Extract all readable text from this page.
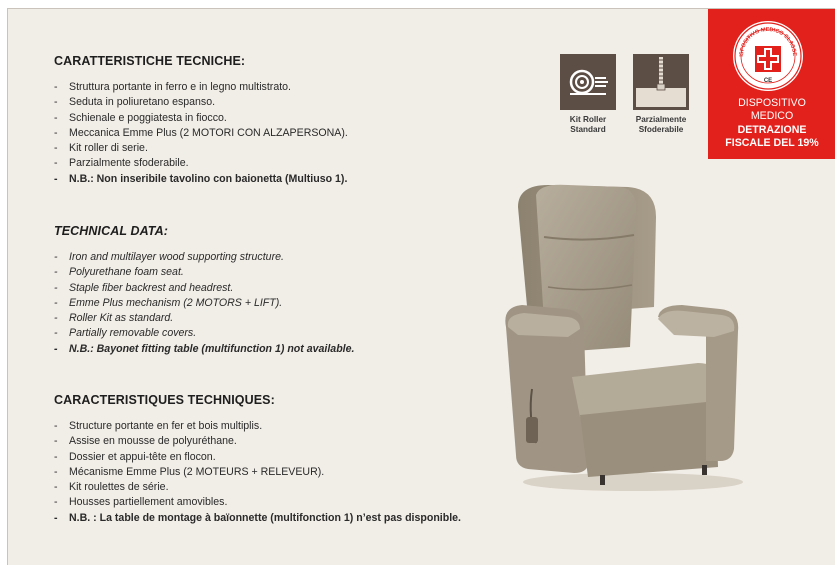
CARATTERISTICHE TECNICHE:
- Struttura portante in ferro e in legno multistrato.
- Seduta in poliuretano espanso.
- Schienale e poggiatesta in fiocco.
- Meccanica Emme Plus (2 MOTORI CON ALZAPERSONA).
- Kit roller di serie.
- Parzialmente sfoderabile.
- N.B.: Non inseribile tavolino con baionetta (Multiuso 1).
TECHNICAL DATA:
- Iron and multilayer wood supporting structure.
- Polyurethane foam seat.
- Staple fiber backrest and headrest.
- Emme Plus mechanism (2 MOTORS + LIFT).
- Roller Kit as standard.
- Partially removable covers.
- N.B.: Bayonet fitting table (multifunction 1) not available.
CARACTERISTIQUES TECHNIQUES:
- Structure portante en fer et bois multiplis.
- Assise en mousse de polyuréthane.
- Dossier et appui-tête en flocon.
- Mécanisme Emme Plus (2 MOTEURS + RELEVEUR).
- Kit roulettes de série.
- Housses partiellement amovibles.
- N.B. : La table de montage à baïonnette (multifonction 1) n’est pas disponible.
Kit Roller
Standard
Parzialmente
Sfoderabile
ISPOSITIVO MEDICO CLASSE
CE
DISPOSITIVO
MEDICO
DETRAZIONE
FISCALE DEL 19%
